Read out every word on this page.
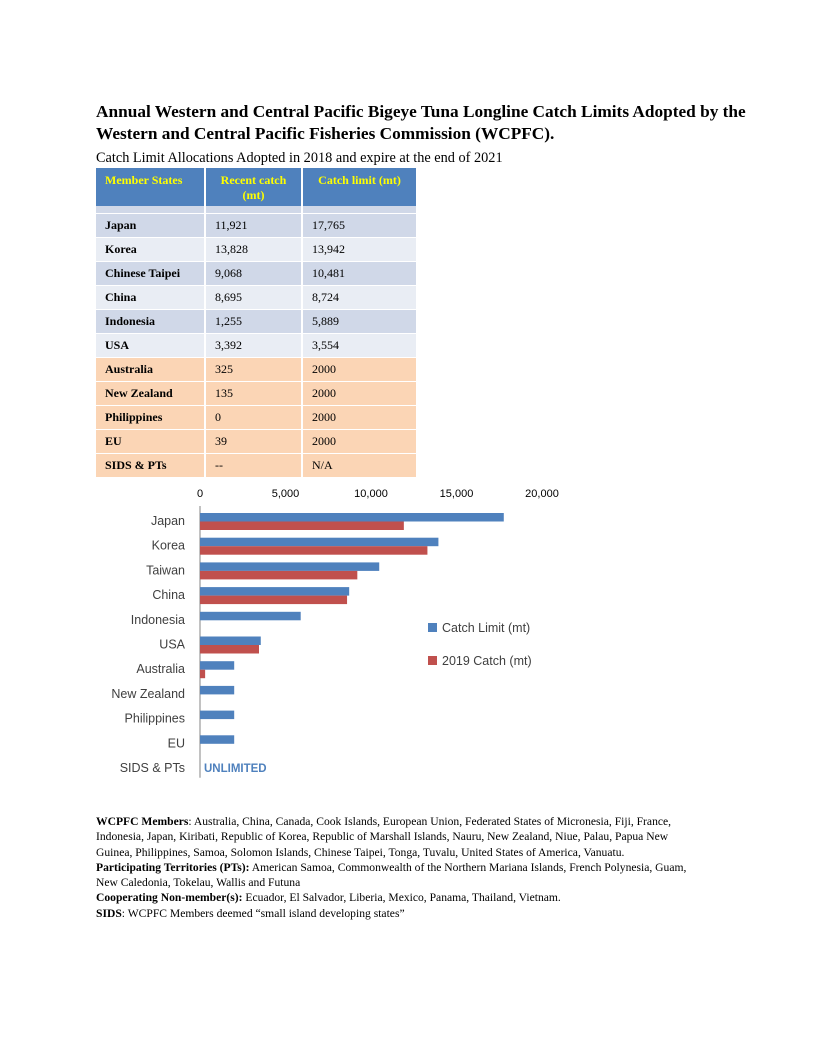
Annual Western and Central Pacific Bigeye Tuna Longline Catch Limits Adopted by the Western and Central Pacific Fisheries Commission (WCPFC).

Catch Limit Allocations Adopted in 2018 and expire at the end of 2021

Member States	Recent catch (mt)	Catch limit (mt)

Japan	11,921	17,765
Korea	13,828	13,942
Chinese Taipei	9,068	10,481
China	8,695	8,724
Indonesia	1,255	5,889
USA	3,392	3,554
Australia	325	2000
New Zealand	135	2000
Philippines	0	2000
EU	39	2000
SIDS & PTs	--	N/A
0	5,000	10,000	15,000	20,000
Japan
Korea
Taiwan
China
Indonesia
USA
Australia
New Zealand
Philippines
EU
SIDS & PTs UNLIMITED
Catch Limit (mt)
2019 Catch (mt)

WCPFC Members: Australia, China, Canada, Cook Islands, European Union, Federated States of Micronesia, Fiji, France, Indonesia, Japan, Kiribati, Republic of Korea, Republic of Marshall Islands, Nauru, New Zealand, Niue, Palau, Papua New Guinea, Philippines, Samoa, Solomon Islands, Chinese Taipei, Tonga, Tuvalu, United States of America, Vanuatu.

Participating Territories (PTs): American Samoa, Commonwealth of the Northern Mariana Islands, French Polynesia, Guam, New Caledonia, Tokelau, Wallis and Futuna

Cooperating Non-member(s): Ecuador, El Salvador, Liberia, Mexico, Panama, Thailand, Vietnam.

SIDS: WCPFC Members deemed “small island developing states”
